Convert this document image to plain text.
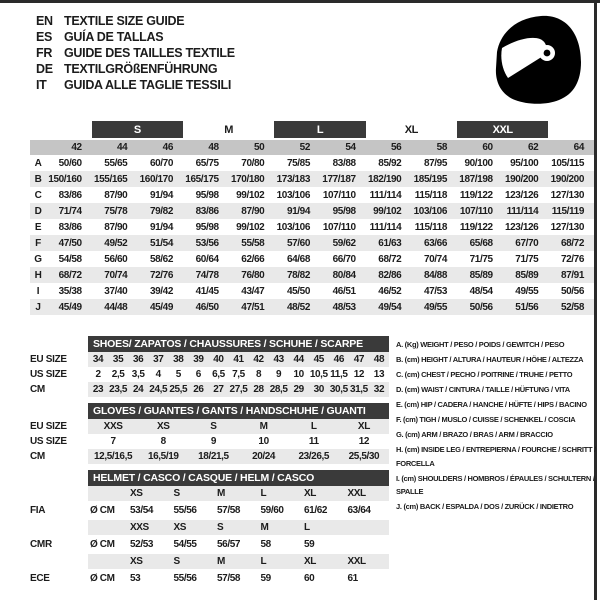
EN TEXTILE SIZE GUIDE
ES GUÍA DE TALLAS
FR GUIDE DES TAILLES TEXTILE
DE TEXTILGRÖßENFÜHRUNG
IT	GUIDA ALLE TAGLIE TESSILI
S	M	L	XL	XXL
42	44	46	48	50	52	54	56	58	60	62	64
A	50/60	55/65	60/70	65/75	70/80	75/85	83/88	85/92	87/95	90/100	95/100	105/115
B 150/160	155/165	160/170	165/175	170/180	173/183	177/187	182/190	185/195	187/198	190/200	190/200
C	83/86	87/90	91/94	95/98	99/102	103/106	107/110	111/114	115/118	119/122	123/126	127/130
D	71/74	75/78	79/82	83/86	87/90	91/94	95/98	99/102	103/106	107/110	111/114	115/119
E	83/86	87/90	91/94	95/98	99/102	103/106	107/110	111/114	115/118	119/122	123/126	127/130
F	47/50	49/52	51/54	53/56	55/58	57/60	59/62	61/63	63/66	65/68	67/70	68/72
G	54/58	56/60	58/62	60/64	62/66	64/68	66/70	68/72	70/74	71/75	71/75	72/76
H	68/72	70/74	72/76	74/78	76/80	78/82	80/84	82/86	84/88	85/89	85/89	87/91
I	35/38	37/40	39/42	41/45	43/47	45/50	46/51	46/52	47/53	48/54	49/55	50/56
J	45/49	44/48	45/49	46/50	47/51	48/52	48/53	49/54	49/55	50/56	51/56	52/58
SHOES/ ZAPATOS / CHAUSSURES / SCHUHE / SCARPE
EU SIZE	34 35 36 37 38 39 40 41 42 43 44 45 46 47 48
US SIZE	2	2,5 3,5	4	5	6	6,5 7,5	8	9	10 10,5 11,5 12 13
CM	23 23,5 24 24,5 25,5 26 27 27,5 28 28,5 29 30 30,5 31,5 32
GLOVES / GUANTES / GANTS / HANDSCHUHE / GUANTI
EU SIZE	XXS	XS	S	M	L	XL
US SIZE	7	8	9	10	11	12
CM	12,5/16,5	16,5/19	18/21,5	20/24	23/26,5	25,5/30
HELMET / CASCO / CASQUE / HELM / CASCO
XS	S	M	L	XL	XXL
FIA	Ø CM	53/54	55/56	57/58	59/60	61/62	63/64
XXS	XS	S	M	L
CMR	Ø CM	52/53	54/55	56/57	58	59
XS	S	M	L	XL	XXL
ECE	Ø CM	53	55/56	57/58	59	60	61
A. (Kg) WEIGHT / PESO / POIDS / GEWITCH / PESO
B. (cm) HEIGHT / ALTURA / HAUTEUR / HÖHE / ALTEZZA
C. (cm) CHEST / PECHO / POITRINE / TRUHE / PETTO
D. (cm) WAIST / CINTURA / TAILLE / HÜFTUNG / VITA
E. (cm) HIP / CADERA / HANCHE / HÜFTE / HIPS / BACINO
F. (cm) TIGH / MUSLO / CUISSE / SCHENKEL / COSCIA
G. (cm) ARM / BRAZO / BRAS / ARM / BRACCIO
H. (cm) INSIDE LEG / ENTREPIERNA / FOURCHE / SCHRITT / FORCELLA
I. (cm) SHOULDERS / HOMBROS / ÉPAULES / SCHULTERN / SPALLE
J. (cm) BACK / ESPALDA / DOS / ZURÜCK / INDIETRO
